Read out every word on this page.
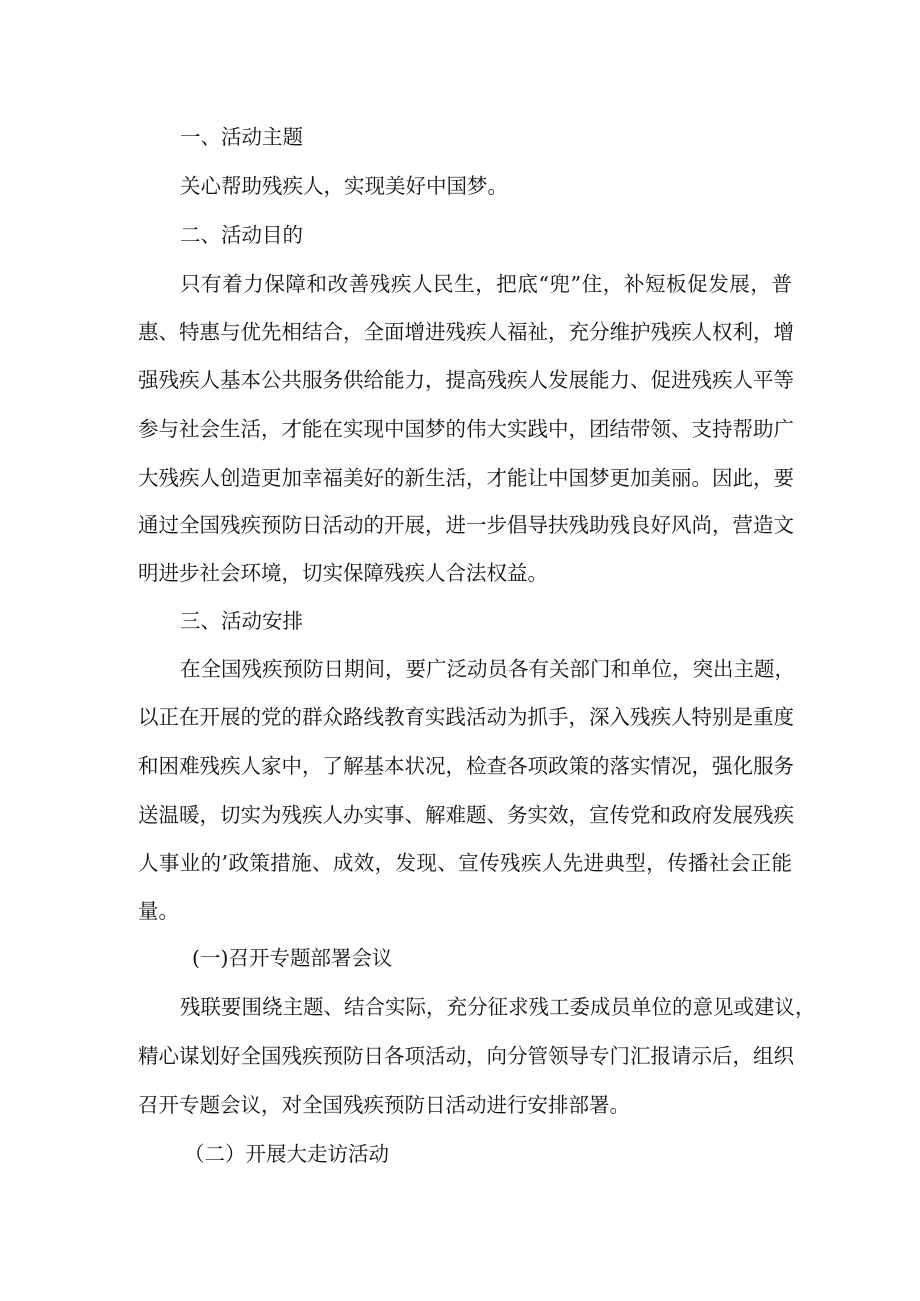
一、活动主题
关心帮助残疾人，实现美好中国梦。
二、活动目的
只有着力保障和改善残疾人民生，把底“兜”住，补短板促发展，普
惠、特惠与优先相结合，全面增进残疾人福祉，充分维护残疾人权利，增
强残疾人基本公共服务供给能力，提高残疾人发展能力、促进残疾人平等
参与社会生活，才能在实现中国梦的伟大实践中，团结带领、支持帮助广
大残疾人创造更加幸福美好的新生活，才能让中国梦更加美丽。因此，要
通过全国残疾预防日活动的开展，进一步倡导扶残助残良好风尚，营造文
明进步社会环境，切实保障残疾人合法权益。
三、活动安排
在全国残疾预防日期间，要广泛动员各有关部门和单位，突出主题，
以正在开展的党的群众路线教育实践活动为抓手，深入残疾人特别是重度
和困难残疾人家中，了解基本状况，检查各项政策的落实情况，强化服务
送温暖，切实为残疾人办实事、解难题、务实效，宣传党和政府发展残疾
人事业的’政策措施、成效，发现、宣传残疾人先进典型，传播社会正能
量。
(一)召开专题部署会议
残联要围绕主题、结合实际，充分征求残工委成员单位的意见或建议，
精心谋划好全国残疾预防日各项活动，向分管领导专门汇报请示后，组织
召开专题会议，对全国残疾预防日活动进行安排部署。
（二）开展大走访活动
